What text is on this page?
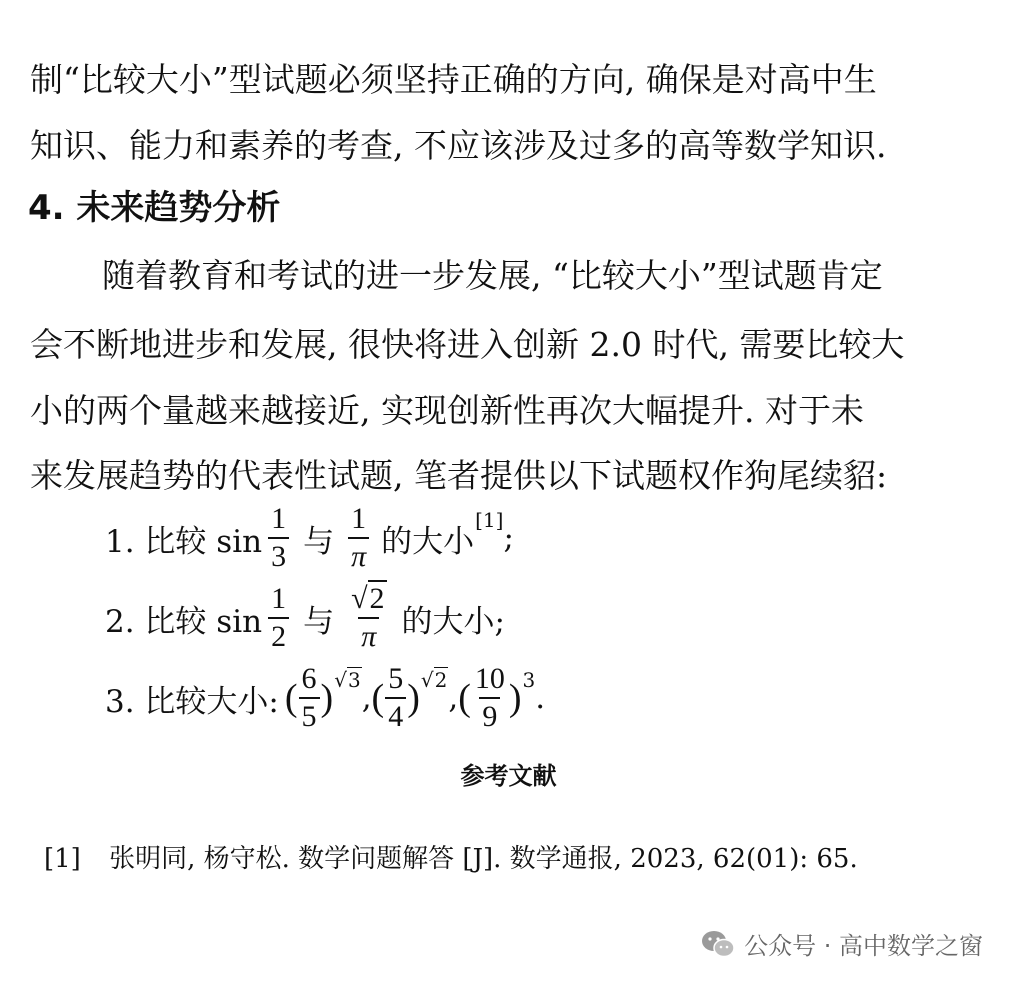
制“比较大小”型试题必须坚持正确的方向, 确保是对高中生
知识、能力和素养的考查, 不应该涉及过多的高等数学知识.
4. 未来趋势分析
随着教育和考试的进一步发展, “比较大小”型试题肯定
会不断地进步和发展, 很快将进入创新 2.0 时代, 需要比较大
小的两个量越来越接近, 实现创新性再次大幅提升. 对于未
来发展趋势的代表性试题, 笔者提供以下试题权作狗尾续貂:
1. 比较 $\sin \frac{1}{3}$ 与 $\frac{1}{\pi}$ 的大小
[1] ;
2. 比较 $\sin \frac{1}{2}$ 与 $\frac{√2}{\pi}$ 的大小;
3. 比较大小: ( $\frac{6}{5}$ ) √3 , ( $\frac{5}{4}$ ) √2 , ( $\frac{10}{9}$ ) 3 .
参考文献
[1] 张明同, 杨守松. 数学问题解答 [J]. 数学通报, 2023, 62(01): 65.
公众号 · 高中数学之窗
